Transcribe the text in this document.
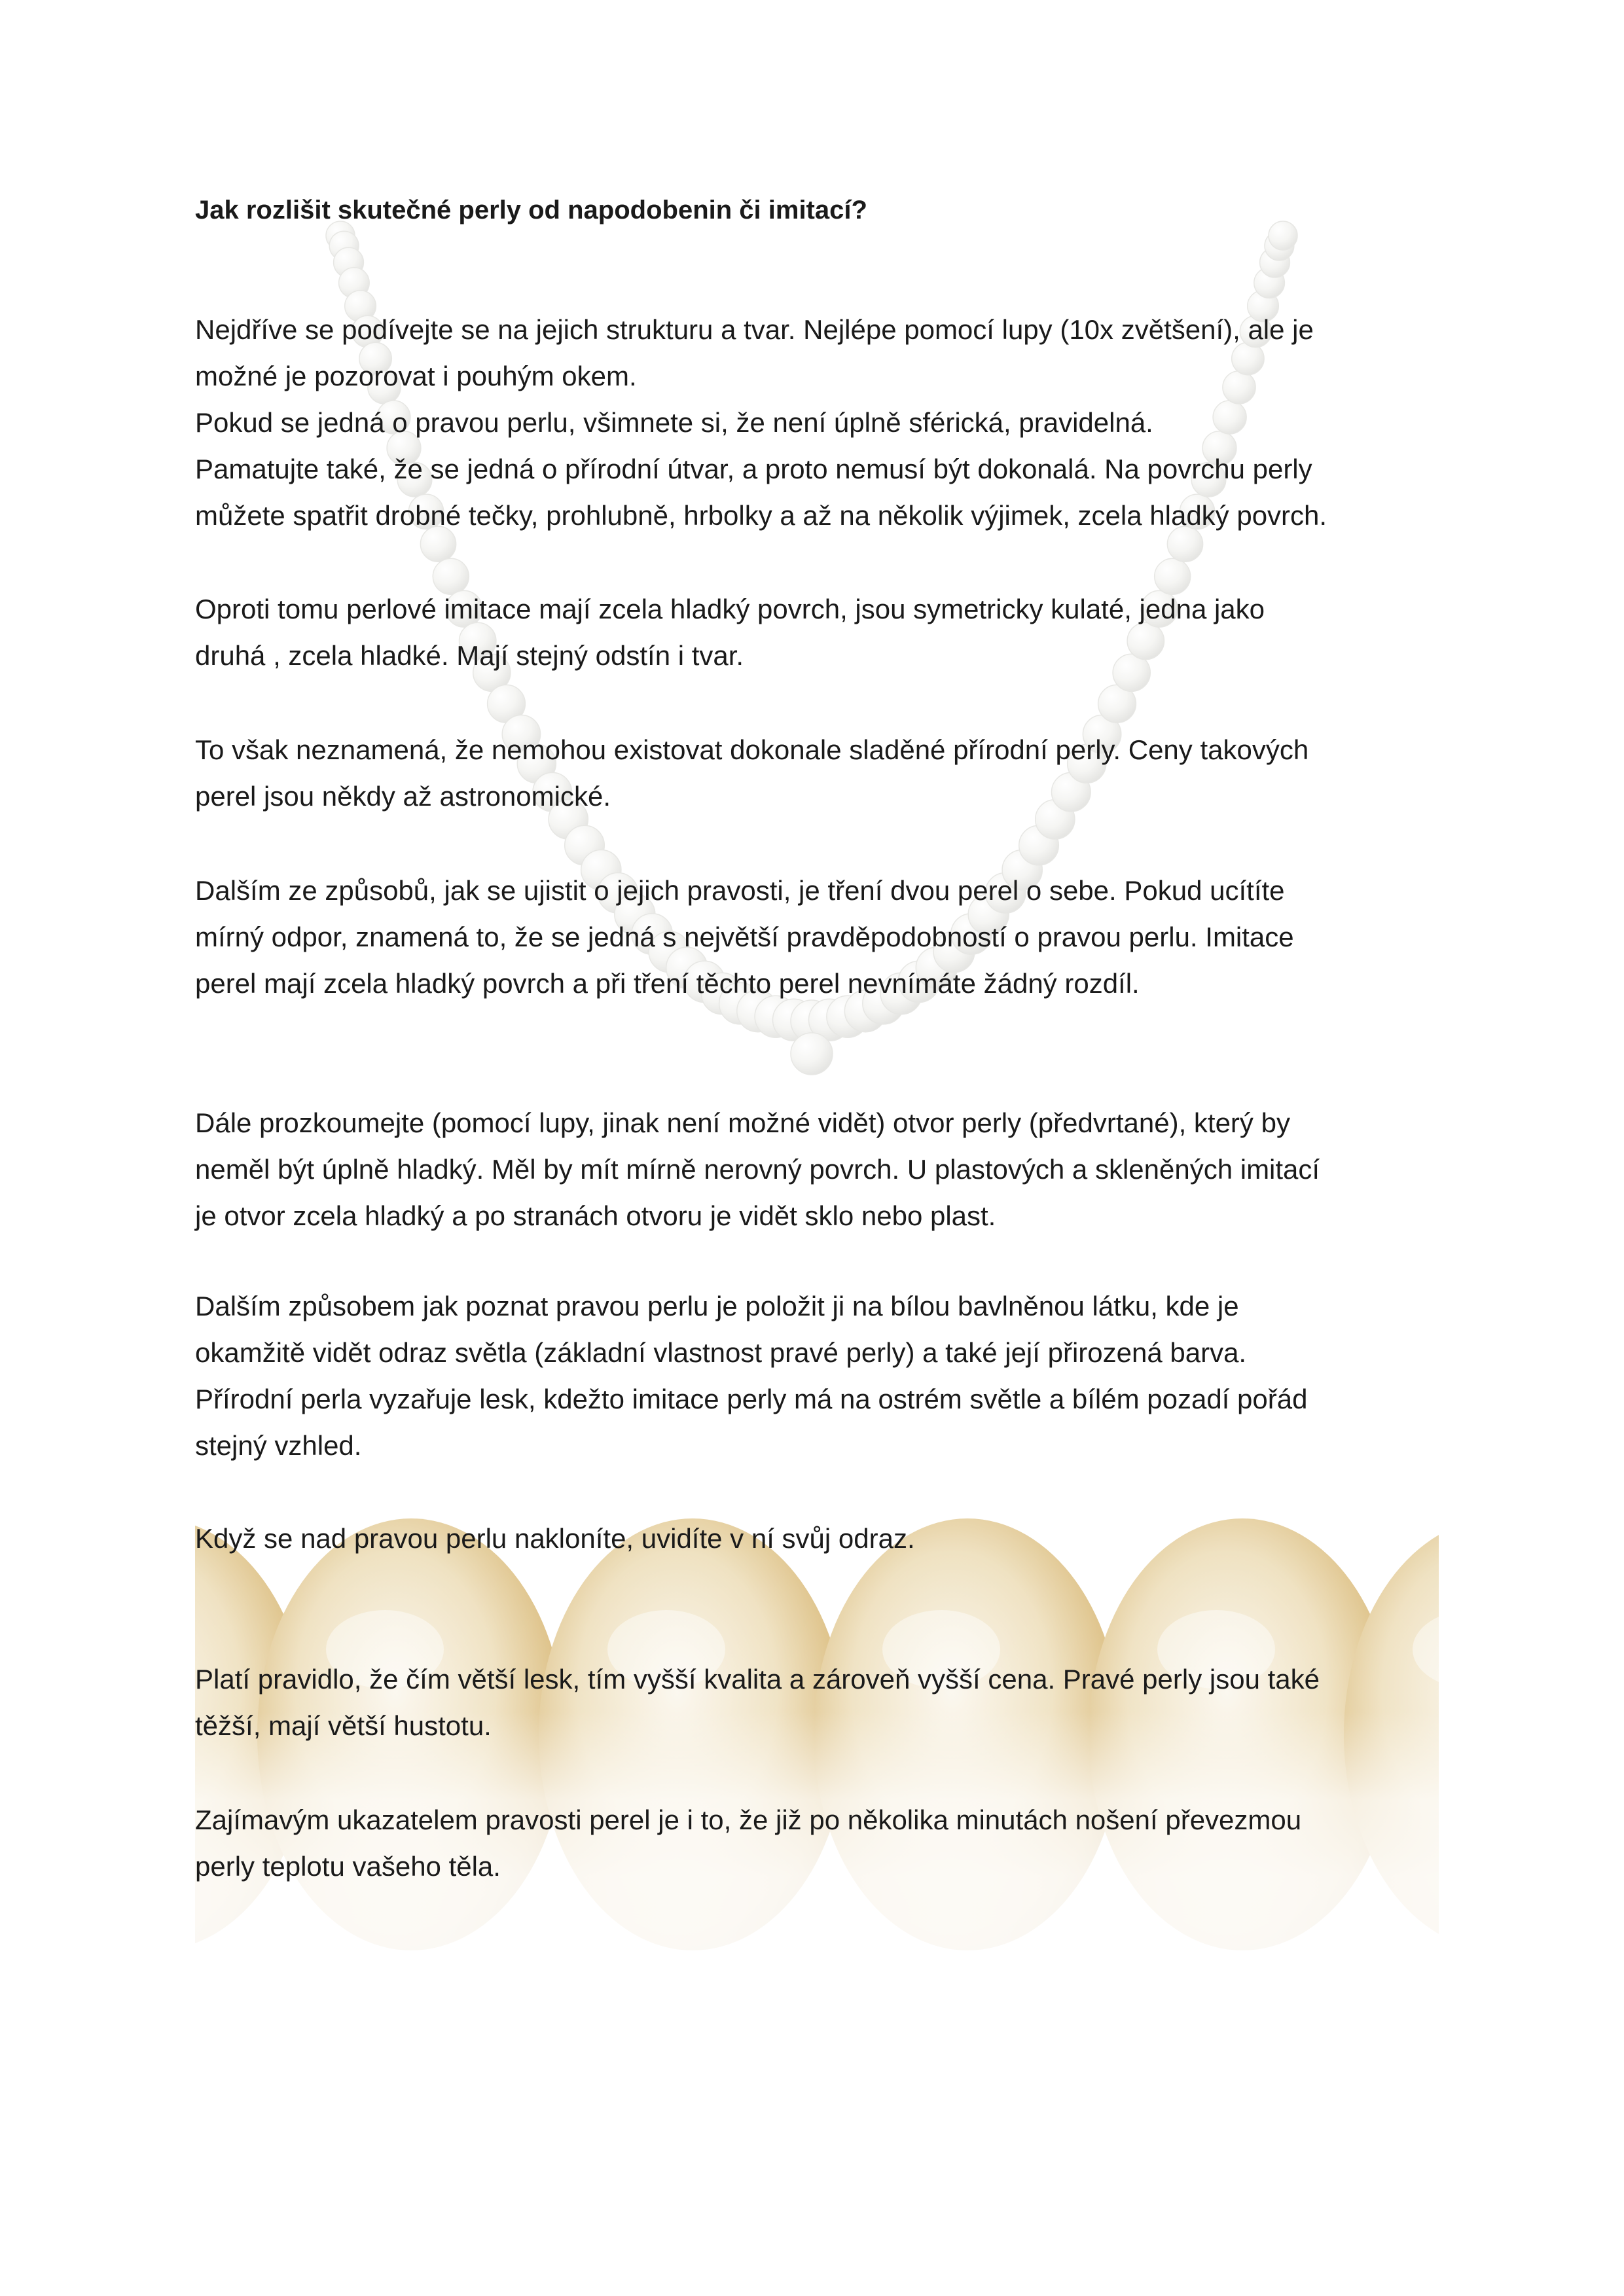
Jak rozlišit skutečné perly od napodobenin či imitací?
Nejdříve se podívejte se na jejich strukturu a tvar. Nejlépe pomocí lupy (10x zvětšení), ale je
možné je pozorovat i pouhým okem.
Pokud se jedná o pravou perlu, všimnete si, že není úplně sférická, pravidelná.
Pamatujte také, že se jedná o přírodní útvar, a proto nemusí být dokonalá. Na povrchu perly
můžete spatřit drobné tečky, prohlubně, hrbolky a až na několik výjimek, zcela hladký povrch.
Oproti tomu perlové imitace mají zcela hladký povrch, jsou symetricky kulaté, jedna jako
druhá , zcela hladké. Mají stejný odstín i tvar.
To však neznamená, že nemohou existovat dokonale sladěné přírodní perly. Ceny takových
perel jsou někdy až astronomické.
Dalším ze způsobů, jak se ujistit o jejich pravosti, je tření dvou perel o sebe. Pokud ucítíte
mírný odpor, znamená to, že se jedná s největší pravděpodobností o pravou perlu. Imitace
perel mají zcela hladký povrch a při tření těchto perel nevnímáte žádný rozdíl.
Dále prozkoumejte (pomocí lupy, jinak není možné vidět) otvor perly (předvrtané), který by
neměl být úplně hladký. Měl by mít mírně nerovný povrch. U plastových a skleněných imitací
je otvor zcela hladký a po stranách otvoru je vidět sklo nebo plast.
Dalším způsobem jak poznat pravou perlu je položit ji na bílou bavlněnou látku, kde je
okamžitě vidět odraz světla (základní vlastnost pravé perly) a také její přirozená barva.
Přírodní perla vyzařuje lesk, kdežto imitace perly má na ostrém světle a bílém pozadí pořád
stejný vzhled.
Když se nad pravou perlu nakloníte, uvidíte v ní svůj odraz.
Platí pravidlo, že čím větší lesk, tím vyšší kvalita a zároveň vyšší cena. Pravé perly jsou také
těžší, mají větší hustotu.
Zajímavým ukazatelem pravosti perel je i to, že již po několika minutách nošení převezmou
perly teplotu vašeho těla.
